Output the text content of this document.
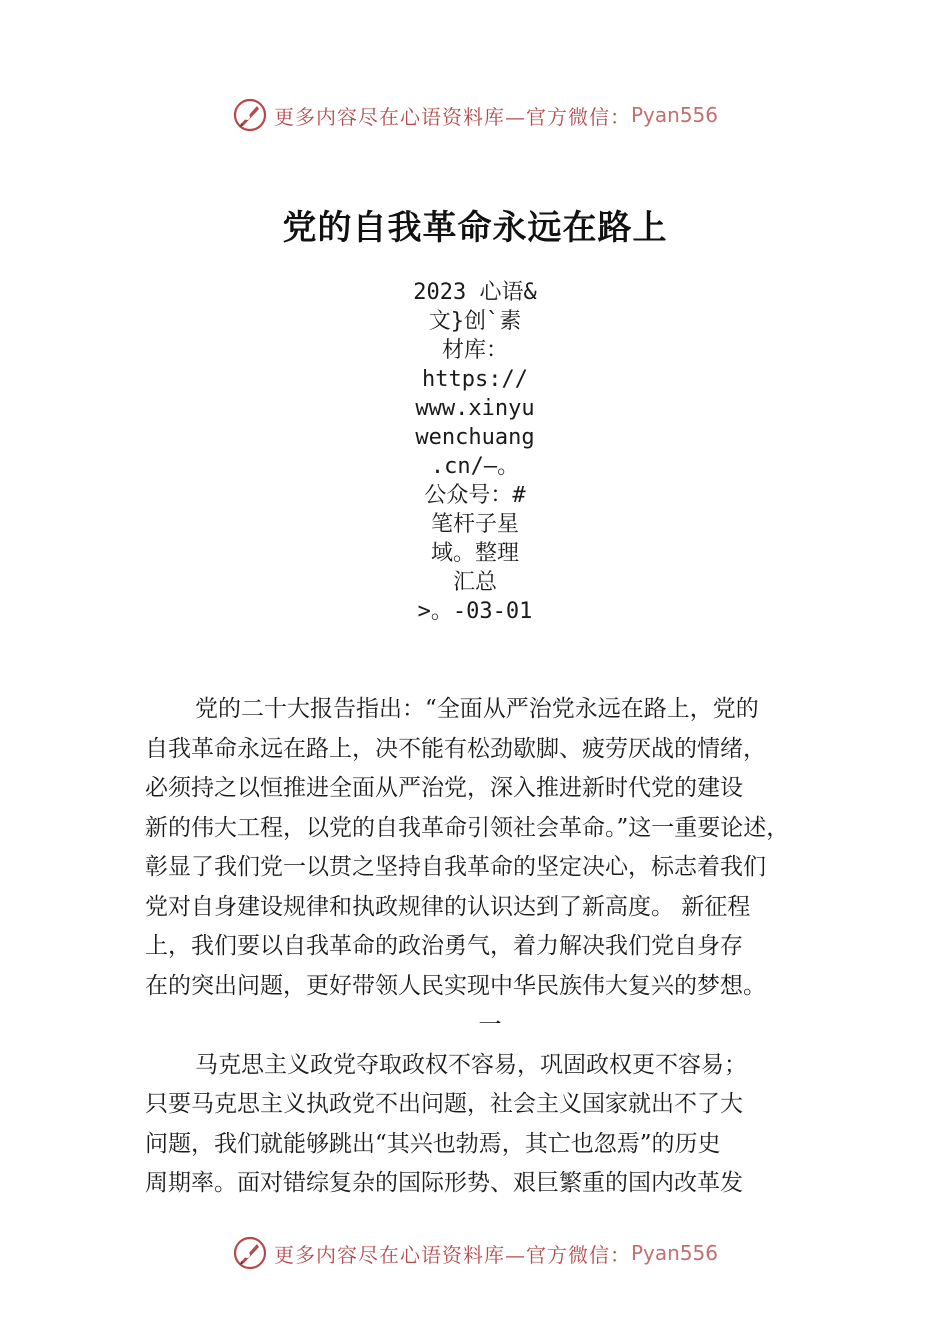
更多内容尽在心语资料库 —官方微信： Pyan556
党的自我革命永远在路上
2023 心语&
文}创`素
材库：
https://
www.xinyu
wenchuang
.cn/—。
公众号：#
笔杆子星
域。整理
汇总
>。-03-01
党的二十大报告指出：“全面从严治党永远在路上，党的
自我革命永远在路上，决不能有松劲歇脚、疲劳厌战的情绪，
必须持之以恒推进全面从严治党，深入推进新时代党的建设
新的伟大工程，以党的自我革命引领社会革命。”这一重要论述，
彰显了我们党一以贯之坚持自我革命的坚定决心，标志着我们
党对自身建设规律和执政规律的认识达到了新高度。 新征程
上，我们要以自我革命的政治勇气，着力解决我们党自身存
在的突出问题，更好带领人民实现中华民族伟大复兴的梦想。
一
马克思主义政党夺取政权不容易，巩固政权更不容易；
只要马克思主义执政党不出问题，社会主义国家就出不了大
问题，我们就能够跳出“其兴也勃焉，其亡也忽焉”的历史
周期率。面对错综复杂的国际形势、艰巨繁重的国内改革发
更多内容尽在心语资料库 —官方微信： Pyan556
